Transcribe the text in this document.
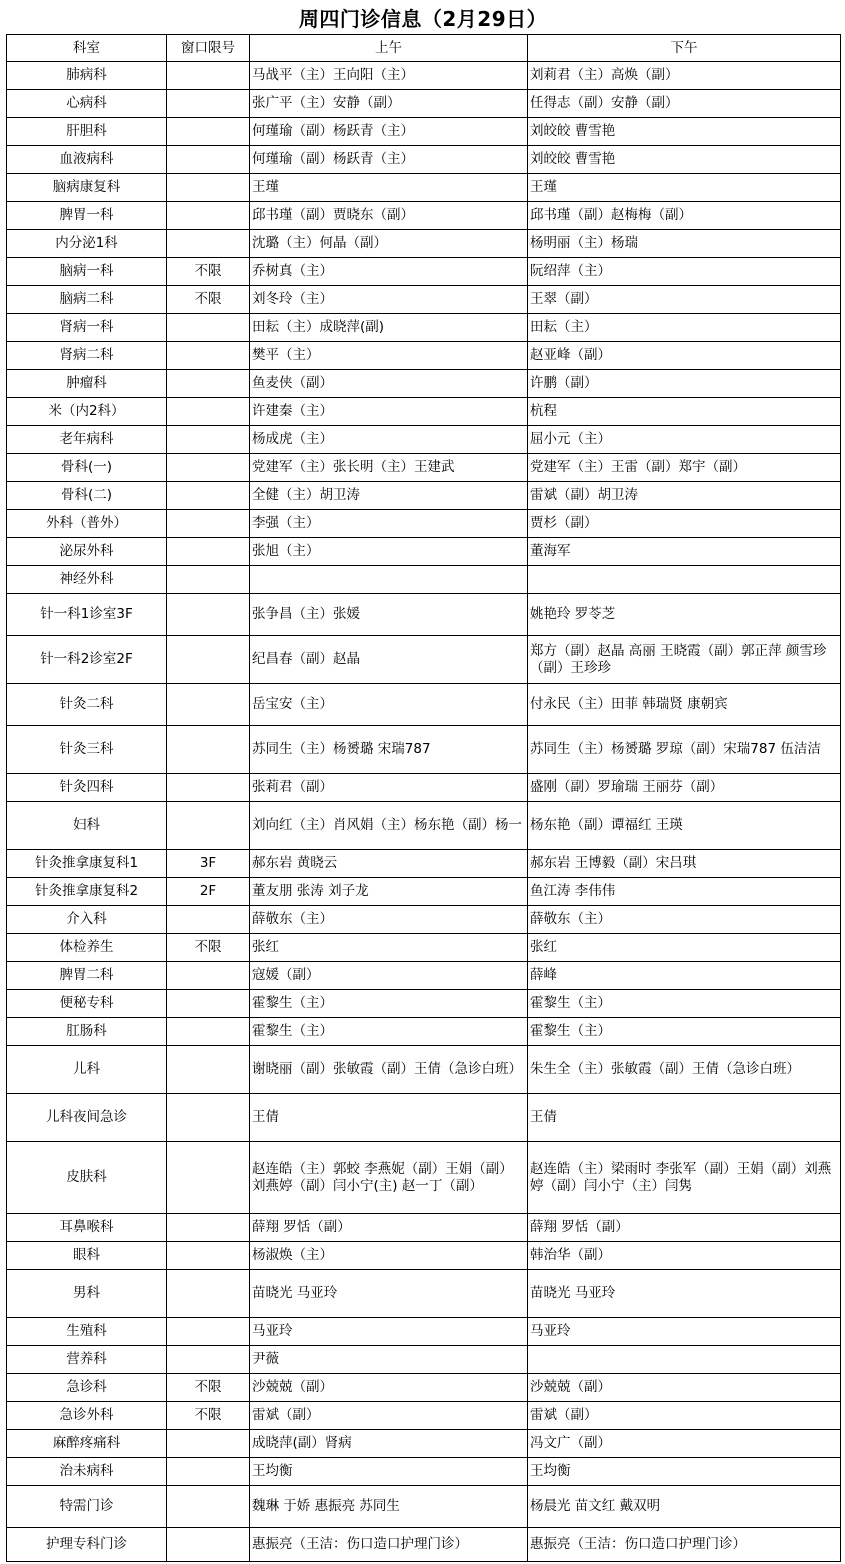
周四门诊信息（2月29日）
科室	窗口限号	上午	下午
肺病科		马战平（主）王向阳（主）	刘莉君（主）高焕（副）
心病科		张广平（主）安静（副）	任得志（副）安静（副）
肝胆科		何瑾瑜（副）杨跃青（主）	刘皎皎 曹雪艳
血液病科		何瑾瑜（副）杨跃青（主）	刘皎皎 曹雪艳
脑病康复科		王瑾	王瑾
脾胃一科		邱书瑾（副）贾晓东（副）	邱书瑾（副）赵梅梅（副）
内分泌1科		沈璐（主）何晶（副）	杨明丽（主）杨瑞
脑病一科	不限	乔树真（主）	阮绍萍（主）
脑病二科	不限	刘冬玲（主）	王翠（副）
肾病一科		田耘（主）成晓萍(副)	田耘（主）
肾病二科		樊平（主）	赵亚峰（副）
肿瘤科		鱼麦侠（副）	许鹏（副）
米（内2科）		许建秦（主）	杭程
老年病科		杨成虎（主）	屈小元（主）
骨科(一)		党建军（主）张长明（主）王建武	党建军（主）王雷（副）郑宇（副）
骨科(二)		全健（主）胡卫涛	雷斌（副）胡卫涛
外科（普外）		李强（主）	贾杉（副）
泌尿外科		张旭（主）	董海军
神经外科			
针一科1诊室3F		张争昌（主）张媛	姚艳玲 罗苓芝
针一科2诊室2F		纪昌春（副）赵晶	郑方（副）赵晶 高丽 王晓霞（副）郭正萍 颜雪珍（副）王珍珍
针灸二科		岳宝安（主）	付永民（主）田菲 韩瑞贤 康朝宾
针灸三科		苏同生（主）杨赟璐 宋瑞787	苏同生（主）杨赟璐 罗琼（副）宋瑞787 伍洁洁
针灸四科		张莉君（副）	盛刚（副）罗瑜瑞 王丽芬（副）
妇科		刘向红（主）肖风娟（主）杨东艳（副）杨一	杨东艳（副）谭福红 王瑛
针灸推拿康复科1	3F	郝东岩 黄晓云	郝东岩 王博毅（副）宋吕琪
针灸推拿康复科2	2F	董友朋 张涛 刘子龙	鱼江涛 李伟伟
介入科		薛敬东（主）	薛敬东（主）
体检养生	不限	张红	张红
脾胃二科		寇媛（副）	薛峰
便秘专科		霍黎生（主）	霍黎生（主）
肛肠科		霍黎生（主）	霍黎生（主）
儿科		谢晓丽（副）张敏霞（副）王倩（急诊白班）	朱生全（主）张敏霞（副）王倩（急诊白班）
儿科夜间急诊		王倩	王倩
皮肤科		赵连皓（主）郭蛟 李燕妮（副）王娟（副）刘燕婷（副）闫小宁(主) 赵一丁（副）	赵连皓（主）梁雨时 李张军（副）王娟（副）刘燕婷（副）闫小宁（主）闫隽
耳鼻喉科		薛翔 罗恬（副）	薛翔 罗恬（副）
眼科		杨淑焕（主）	韩治华（副）
男科		苗晓光 马亚玲	苗晓光 马亚玲
生殖科		马亚玲	马亚玲
营养科		尹薇	
急诊科	不限	沙兢兢（副）	沙兢兢（副）
急诊外科	不限	雷斌（副）	雷斌（副）
麻醉疼痛科		成晓萍(副）肾病	冯文广（副）
治未病科		王均衡	王均衡
特需门诊		魏琳 于娇 惠振亮 苏同生	杨晨光 苗文红 戴双明
护理专科门诊		惠振亮（王洁：伤口造口护理门诊）	惠振亮（王洁：伤口造口护理门诊）
